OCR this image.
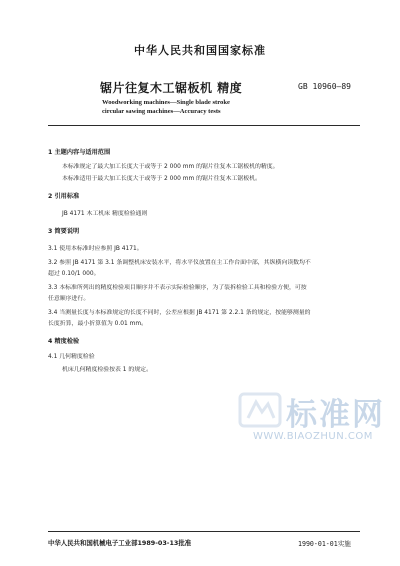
中华人民共和国国家标准
锯片往复木工锯板机 精度	GB 10960—89
Woodworking machines—Single blade stroke
circular sawing machines—Accuracy tests
1 主题内容与适用范围
本标准规定了最大加工长度大于或等于 2 000 mm 的锯片往复木工锯板机的精度。
本标准适用于最大加工长度大于或等于 2 000 mm 的锯片往复木工锯板机。
2 引用标准
JB 4171 木工机床 精度检验通则
3 简要说明
3.1 使用本标准时应参照 JB 4171。
3.2 参照 JB 4171 第 3.1 条调整机床安装水平，将水平仪放置在主工作台面中部，其纵横向读数均不
超过 0.10/1 000。
3.3 本标准所列出的精度检验项目顺序并不表示实际检验顺序，为了装拆检验工具和检验方便，可按
任意顺序进行。
3.4 当测量长度与本标准规定的长度不同时，公差应根据 JB 4171 第 2.2.1 条的规定，按能够测量的
长度折算，最小折算值为 0.01 mm。
4 精度检验
4.1 几何精度检验
机床几何精度检验按表 1 的规定。
标准网
WWW.BIAOZHUN.COM
中华人民共和国机械电子工业部1989-03-13批准	1990-01-01实施
